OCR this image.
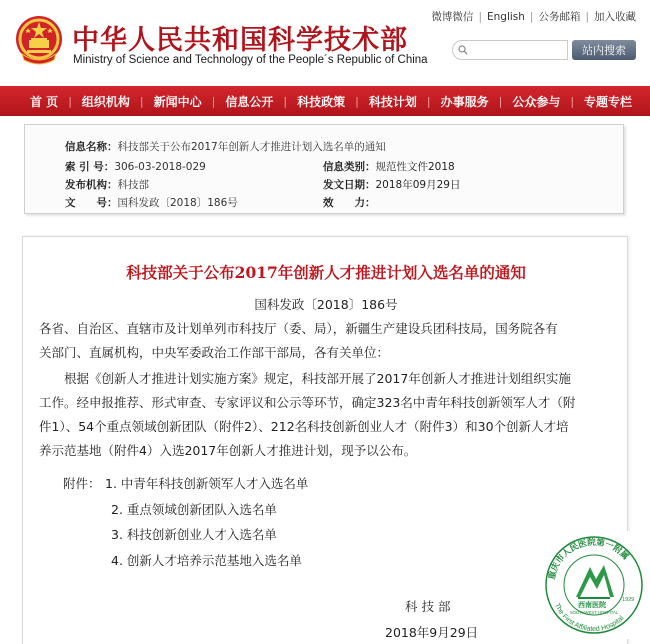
中华人民共和国科学技术部
Ministry of Science and Technology of the People´s Republic of China
微博微信 | English | 公务邮箱 | 加入收藏
站内搜索
首 页 | 组织机构 | 新闻中心 | 信息公开 | 科技政策 | 科技计划 | 办事服务 | 公众参与 | 专题专栏
信息名称：科技部关于公布2017年创新人才推进计划入选名单的通知
索 引 号：306-03-2018-029	信息类别：规范性文件2018
发布机构：科技部	发文日期：2018年09月29日
文　　号：国科发政〔2018〕186号	效　　力：
科技部关于公布2017年创新人才推进计划入选名单的通知
国科发政〔2018〕186号
各省、自治区、直辖市及计划单列市科技厅（委、局），新疆生产建设兵团科技局，国务院各有
关部门、直属机构，中央军委政治工作部干部局，各有关单位：
　　根据《创新人才推进计划实施方案》规定，科技部开展了2017年创新人才推进计划组织实施
工作。经申报推荐、形式审查、专家评议和公示等环节，确定323名中青年科技创新领军人才（附
件1）、54个重点领域创新团队（附件2）、212名科技创新创业人才（附件3）和30个创新人才培
养示范基地（附件4）入选2017年创新人才推进计划，现予以公布。
附件： 1. 中青年科技创新领军人才入选名单
2. 重点领域创新团队入选名单
3. 科技创新创业人才入选名单
4. 创新人才培养示范基地入选名单
科技部
2018年9月29日
重庆市人民医院第一附属
The First Affiliated Hospital
西南医院
SOUTHWEST HOSPITAL
1929
